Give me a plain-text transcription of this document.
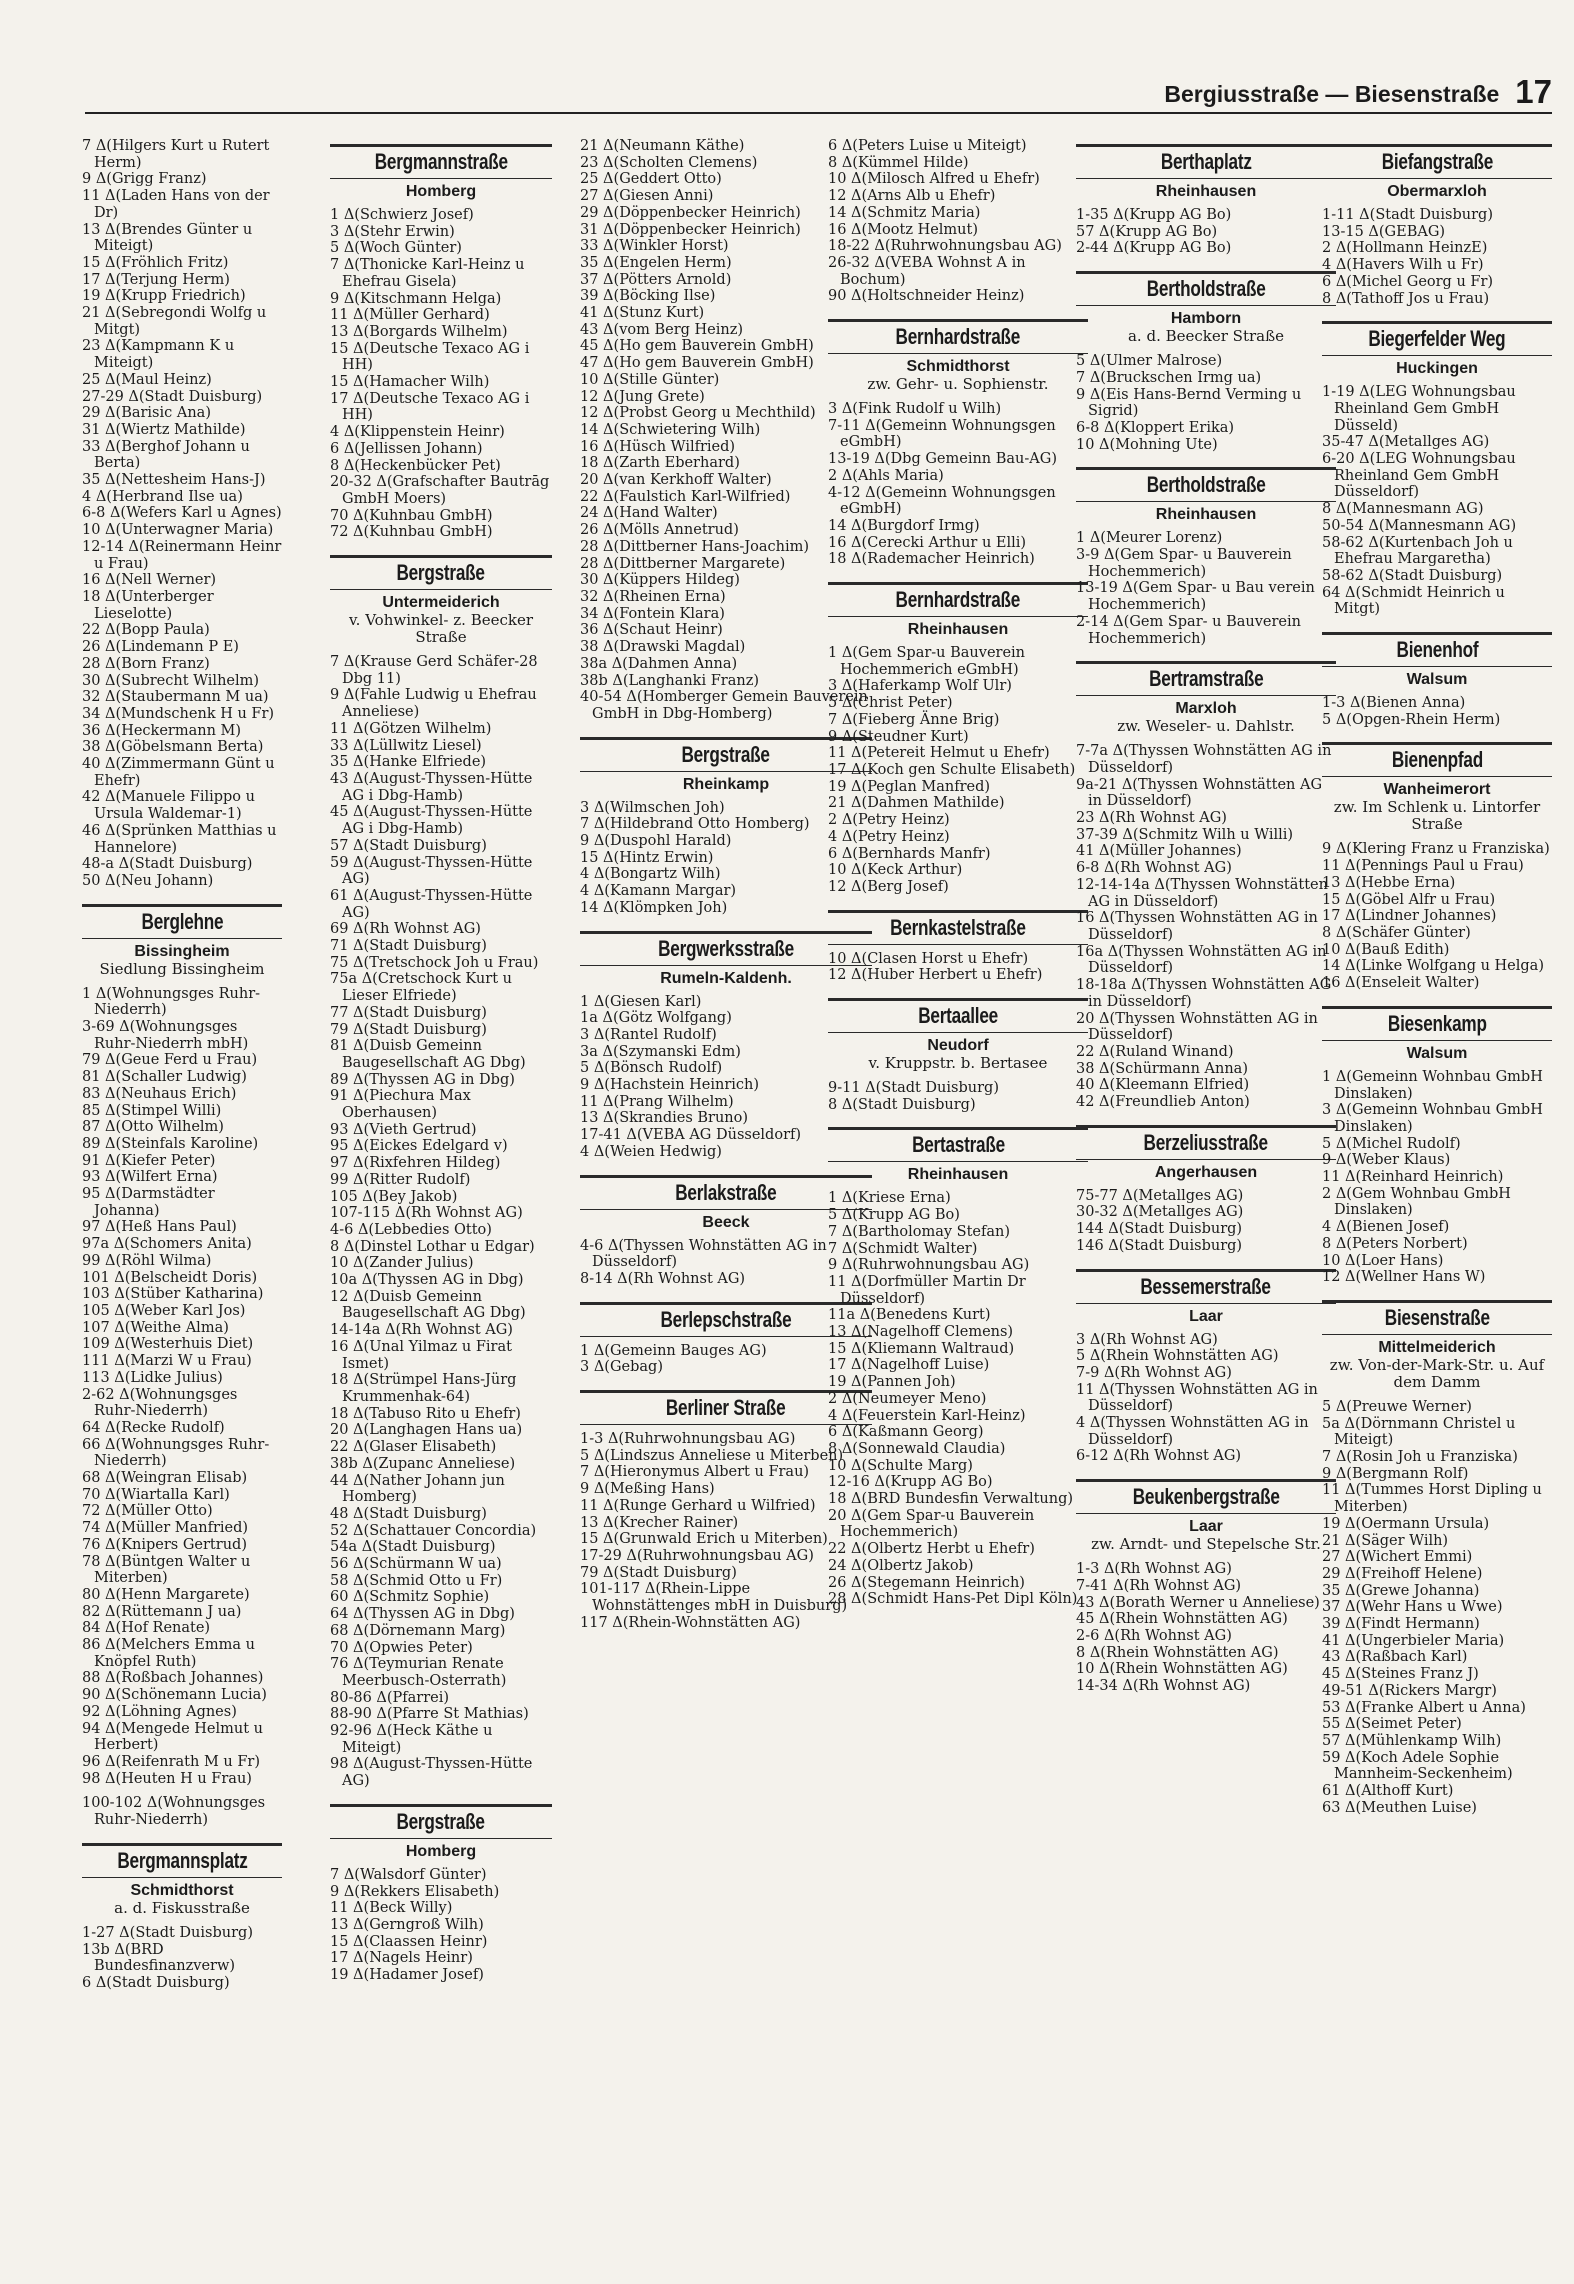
Bergiusstraße — Biesenstraße 17
7 Δ(Hilgers Kurt u Rutert Herm)
9 Δ(Grigg Franz)
11 Δ(Laden Hans von der Dr)
13 Δ(Brendes Günter u Miteigt)
15 Δ(Fröhlich Fritz)
17 Δ(Terjung Herm)
19 Δ(Krupp Friedrich)
21 Δ(Sebregondi Wolfg u Mitgt)
23 Δ(Kampmann K u Miteigt)
25 Δ(Maul Heinz)
27-29 Δ(Stadt Duisburg)
29 Δ(Barisic Ana)
31 Δ(Wiertz Mathilde)
33 Δ(Berghof Johann u Berta)
35 Δ(Nettesheim Hans-J)
4 Δ(Herbrand Ilse ua)
6-8 Δ(Wefers Karl u Agnes)
10 Δ(Unterwagner Maria)
12-14 Δ(Reinermann Heinr u Frau)
16 Δ(Nell Werner)
18 Δ(Unterberger Lieselotte)
22 Δ(Bopp Paula)
26 Δ(Lindemann P E)
28 Δ(Born Franz)
30 Δ(Subrecht Wilhelm)
32 Δ(Staubermann M ua)
34 Δ(Mundschenk H u Fr)
36 Δ(Heckermann M)
38 Δ(Göbelsmann Berta)
40 Δ(Zimmermann Günt u Ehefr)
42 Δ(Manuele Filippo u Ursula Waldemar-1)
46 Δ(Sprünken Matthias u Hannelore)
48-a Δ(Stadt Duisburg)
50 Δ(Neu Johann)
Berglehne
Bissingheim
Siedlung Bissingheim
1 Δ(Wohnungsges Ruhr-Niederrh)
3-69 Δ(Wohnungsges Ruhr-Niederrh mbH)
79 Δ(Geue Ferd u Frau)
81 Δ(Schaller Ludwig)
83 Δ(Neuhaus Erich)
85 Δ(Stimpel Willi)
87 Δ(Otto Wilhelm)
89 Δ(Steinfals Karoline)
91 Δ(Kiefer Peter)
93 Δ(Wilfert Erna)
95 Δ(Darmstädter Johanna)
97 Δ(Heß Hans Paul)
97a Δ(Schomers Anita)
99 Δ(Röhl Wilma)
101 Δ(Belscheidt Doris)
103 Δ(Stüber Katharina)
105 Δ(Weber Karl Jos)
107 Δ(Weithe Alma)
109 Δ(Westerhuis Diet)
111 Δ(Marzi W u Frau)
113 Δ(Lidke Julius)
2-62 Δ(Wohnungsges Ruhr-Niederrh)
64 Δ(Recke Rudolf)
66 Δ(Wohnungsges Ruhr-Niederrh)
68 Δ(Weingran Elisab)
70 Δ(Wiartalla Karl)
72 Δ(Müller Otto)
74 Δ(Müller Manfried)
76 Δ(Knipers Gertrud)
78 Δ(Büntgen Walter u Miterben)
80 Δ(Henn Margarete)
82 Δ(Rüttemann J ua)
84 Δ(Hof Renate)
86 Δ(Melchers Emma u Knöpfel Ruth)
88 Δ(Roßbach Johannes)
90 Δ(Schönemann Lucia)
92 Δ(Löhning Agnes)
94 Δ(Mengede Helmut u Herbert)
96 Δ(Reifenrath M u Fr)
98 Δ(Heuten H u Frau)
100-102 Δ(Wohnungsges Ruhr-Niederrh)
Bergmannsplatz
Schmidthorst
a. d. Fiskusstraße
1-27 Δ(Stadt Duisburg)
13b Δ(BRD Bundesfinanzverw)
6 Δ(Stadt Duisburg)
Bergmannstraße
Homberg
1 Δ(Schwierz Josef)
3 Δ(Stehr Erwin)
5 Δ(Woch Günter)
7 Δ(Thonicke Karl-Heinz u Ehefrau Gisela)
9 Δ(Kitschmann Helga)
11 Δ(Müller Gerhard)
13 Δ(Borgards Wilhelm)
15 Δ(Deutsche Texaco AG i HH)
15 Δ(Hamacher Wilh)
17 Δ(Deutsche Texaco AG i HH)
4 Δ(Klippenstein Heinr)
6 Δ(Jellissen Johann)
8 Δ(Heckenbücker Pet)
20-32 Δ(Grafschafter Bautrāg GmbH Moers)
70 Δ(Kuhnbau GmbH)
72 Δ(Kuhnbau GmbH)
Bergstraße
Untermeiderich
v. Vohwinkel- z. Beecker Straße
7 Δ(Krause Gerd Schäfer-28 Dbg 11)
9 Δ(Fahle Ludwig u Ehefrau Anneliese)
11 Δ(Götzen Wilhelm)
33 Δ(Lüllwitz Liesel)
35 Δ(Hanke Elfriede)
43 Δ(August-Thyssen-Hütte AG i Dbg-Hamb)
45 Δ(August-Thyssen-Hütte AG i Dbg-Hamb)
57 Δ(Stadt Duisburg)
59 Δ(August-Thyssen-Hütte AG)
61 Δ(August-Thyssen-Hütte AG)
69 Δ(Rh Wohnst AG)
71 Δ(Stadt Duisburg)
75 Δ(Tretschock Joh u Frau)
75a Δ(Cretschock Kurt u Lieser Elfriede)
77 Δ(Stadt Duisburg)
79 Δ(Stadt Duisburg)
81 Δ(Duisb Gemeinn Baugesellschaft AG Dbg)
89 Δ(Thyssen AG in Dbg)
91 Δ(Piechura Max Oberhausen)
93 Δ(Vieth Gertrud)
95 Δ(Eickes Edelgard v)
97 Δ(Rixfehren Hildeg)
99 Δ(Ritter Rudolf)
105 Δ(Bey Jakob)
107-115 Δ(Rh Wohnst AG)
4-6 Δ(Lebbedies Otto)
8 Δ(Dinstel Lothar u Edgar)
10 Δ(Zander Julius)
10a Δ(Thyssen AG in Dbg)
12 Δ(Duisb Gemeinn Baugesellschaft AG Dbg)
14-14a Δ(Rh Wohnst AG)
16 Δ(Unal Yilmaz u Firat Ismet)
18 Δ(Strümpel Hans-Jürg Krummenhak-64)
18 Δ(Tabuso Rito u Ehefr)
20 Δ(Langhagen Hans ua)
22 Δ(Glaser Elisabeth)
38b Δ(Zupanc Anneliese)
44 Δ(Nather Johann jun Homberg)
48 Δ(Stadt Duisburg)
52 Δ(Schattauer Concordia)
54a Δ(Stadt Duisburg)
56 Δ(Schürmann W ua)
58 Δ(Schmid Otto u Fr)
60 Δ(Schmitz Sophie)
64 Δ(Thyssen AG in Dbg)
68 Δ(Dörnemann Marg)
70 Δ(Opwies Peter)
76 Δ(Teymurian Renate Meerbusch-Osterrath)
80-86 Δ(Pfarrei)
88-90 Δ(Pfarre St Mathias)
92-96 Δ(Heck Käthe u Miteigt)
98 Δ(August-Thyssen-Hütte AG)
Bergstraße
Homberg
7 Δ(Walsdorf Günter)
9 Δ(Rekkers Elisabeth)
11 Δ(Beck Willy)
13 Δ(Gerngroß Wilh)
15 Δ(Claassen Heinr)
17 Δ(Nagels Heinr)
19 Δ(Hadamer Josef)
21 Δ(Neumann Käthe)
23 Δ(Scholten Clemens)
25 Δ(Geddert Otto)
27 Δ(Giesen Anni)
29 Δ(Döppenbecker Heinrich)
31 Δ(Döppenbecker Heinrich)
33 Δ(Winkler Horst)
35 Δ(Engelen Herm)
37 Δ(Pötters Arnold)
39 Δ(Böcking Ilse)
41 Δ(Stunz Kurt)
43 Δ(vom Berg Heinz)
45 Δ(Ho gem Bauverein GmbH)
47 Δ(Ho gem Bauverein GmbH)
10 Δ(Stille Günter)
12 Δ(Jung Grete)
12 Δ(Probst Georg u Mechthild)
14 Δ(Schwietering Wilh)
16 Δ(Hüsch Wilfried)
18 Δ(Zarth Eberhard)
20 Δ(van Kerkhoff Walter)
22 Δ(Faulstich Karl-Wilfried)
24 Δ(Hand Walter)
26 Δ(Mölls Annetrud)
28 Δ(Dittberner Hans-Joachim)
28 Δ(Dittberner Margarete)
30 Δ(Küppers Hildeg)
32 Δ(Rheinen Erna)
34 Δ(Fontein Klara)
36 Δ(Schaut Heinr)
38 Δ(Drawski Magdal)
38a Δ(Dahmen Anna)
38b Δ(Langhanki Franz)
40-54 Δ(Homberger Gemein Bauverein GmbH in Dbg-Homberg)
Bergstraße
Rheinkamp
3 Δ(Wilmschen Joh)
7 Δ(Hildebrand Otto Homberg)
9 Δ(Duspohl Harald)
15 Δ(Hintz Erwin)
4 Δ(Bongartz Wilh)
4 Δ(Kamann Margar)
14 Δ(Klömpken Joh)
Bergwerksstraße
Rumeln-Kaldenh.
1 Δ(Giesen Karl)
1a Δ(Götz Wolfgang)
3 Δ(Rantel Rudolf)
3a Δ(Szymanski Edm)
5 Δ(Bönsch Rudolf)
9 Δ(Hachstein Heinrich)
11 Δ(Prang Wilhelm)
13 Δ(Skrandies Bruno)
17-41 Δ(VEBA AG Düsseldorf)
4 Δ(Weien Hedwig)
Berlakstraße
Beeck
4-6 Δ(Thyssen Wohnstätten AG in Düsseldorf)
8-14 Δ(Rh Wohnst AG)
Berlepschstraße
1 Δ(Gemeinn Bauges AG)
3 Δ(Gebag)
Berliner Straße
1-3 Δ(Ruhrwohnungsbau AG)
5 Δ(Lindszus Anneliese u Miterben)
7 Δ(Hieronymus Albert u Frau)
9 Δ(Meßing Hans)
11 Δ(Runge Gerhard u Wilfried)
13 Δ(Krecher Rainer)
15 Δ(Grunwald Erich u Miterben)
17-29 Δ(Ruhrwohnungsbau AG)
79 Δ(Stadt Duisburg)
101-117 Δ(Rhein-Lippe Wohnstättenges mbH in Duisburg)
117 Δ(Rhein-Wohnstätten AG)
6 Δ(Peters Luise u Miteigt)
8 Δ(Kümmel Hilde)
10 Δ(Milosch Alfred u Ehefr)
12 Δ(Arns Alb u Ehefr)
14 Δ(Schmitz Maria)
16 Δ(Mootz Helmut)
18-22 Δ(Ruhrwohnungsbau AG)
26-32 Δ(VEBA Wohnst A in Bochum)
90 Δ(Holtschneider Heinz)
Bernhardstraße
Schmidthorst
zw. Gehr- u. Sophienstr.
3 Δ(Fink Rudolf u Wilh)
7-11 Δ(Gemeinn Wohnungsgen eGmbH)
13-19 Δ(Dbg Gemeinn Bau-AG)
2 Δ(Ahls Maria)
4-12 Δ(Gemeinn Wohnungsgen eGmbH)
14 Δ(Burgdorf Irmg)
16 Δ(Cerecki Arthur u Elli)
18 Δ(Rademacher Heinrich)
Bernhardstraße
Rheinhausen
1 Δ(Gem Spar-u Bauverein Hochemmerich eGmbH)
3 Δ(Haferkamp Wolf Ulr)
5 Δ(Christ Peter)
7 Δ(Fieberg Änne Brig)
9 Δ(Steudner Kurt)
11 Δ(Petereit Helmut u Ehefr)
17 Δ(Koch gen Schulte Elisabeth)
19 Δ(Peglan Manfred)
21 Δ(Dahmen Mathilde)
2 Δ(Petry Heinz)
4 Δ(Petry Heinz)
6 Δ(Bernhards Manfr)
10 Δ(Keck Arthur)
12 Δ(Berg Josef)
Bernkastelstraße
10 Δ(Clasen Horst u Ehefr)
12 Δ(Huber Herbert u Ehefr)
Bertaallee
Neudorf
v. Kruppstr. b. Bertasee
9-11 Δ(Stadt Duisburg)
8 Δ(Stadt Duisburg)
Bertastraße
Rheinhausen
1 Δ(Kriese Erna)
5 Δ(Krupp AG Bo)
7 Δ(Bartholomay Stefan)
7 Δ(Schmidt Walter)
9 Δ(Ruhrwohnungsbau AG)
11 Δ(Dorfmüller Martin Dr Düsseldorf)
11a Δ(Benedens Kurt)
13 Δ(Nagelhoff Clemens)
15 Δ(Kliemann Waltraud)
17 Δ(Nagelhoff Luise)
19 Δ(Pannen Joh)
2 Δ(Neumeyer Meno)
4 Δ(Feuerstein Karl-Heinz)
6 Δ(Kaßmann Georg)
8 Δ(Sonnewald Claudia)
10 Δ(Schulte Marg)
12-16 Δ(Krupp AG Bo)
18 Δ(BRD Bundesfin Verwaltung)
20 Δ(Gem Spar-u Bauverein Hochemmerich)
22 Δ(Olbertz Herbt u Ehefr)
24 Δ(Olbertz Jakob)
26 Δ(Stegemann Heinrich)
28 Δ(Schmidt Hans-Pet Dipl Köln)
Berthaplatz
Rheinhausen
1-35 Δ(Krupp AG Bo)
57 Δ(Krupp AG Bo)
2-44 Δ(Krupp AG Bo)
Bertholdstraße
Hamborn
a. d. Beecker Straße
5 Δ(Ulmer Malrose)
7 Δ(Bruckschen Irmg ua)
9 Δ(Eis Hans-Bernd Verming u Sigrid)
6-8 Δ(Kloppert Erika)
10 Δ(Mohning Ute)
Bertholdstraße
Rheinhausen
1 Δ(Meurer Lorenz)
3-9 Δ(Gem Spar- u Bauverein Hochemmerich)
13-19 Δ(Gem Spar- u Bau verein Hochemmerich)
2-14 Δ(Gem Spar- u Bauverein Hochemmerich)
Bertramstraße
Marxloh
zw. Weseler- u. Dahlstr.
7-7a Δ(Thyssen Wohnstätten AG in Düsseldorf)
9a-21 Δ(Thyssen Wohnstätten AG in Düsseldorf)
23 Δ(Rh Wohnst AG)
37-39 Δ(Schmitz Wilh u Willi)
41 Δ(Müller Johannes)
6-8 Δ(Rh Wohnst AG)
12-14-14a Δ(Thyssen Wohnstätten AG in Düsseldorf)
16 Δ(Thyssen Wohnstätten AG in Düsseldorf)
16a Δ(Thyssen Wohnstätten AG in Düsseldorf)
18-18a Δ(Thyssen Wohnstätten AG in Düsseldorf)
20 Δ(Thyssen Wohnstätten AG in Düsseldorf)
22 Δ(Ruland Winand)
38 Δ(Schürmann Anna)
40 Δ(Kleemann Elfried)
42 Δ(Freundlieb Anton)
Berzeliusstraße
Angerhausen
75-77 Δ(Metallges AG)
30-32 Δ(Metallges AG)
144 Δ(Stadt Duisburg)
146 Δ(Stadt Duisburg)
Bessemerstraße
Laar
3 Δ(Rh Wohnst AG)
5 Δ(Rhein Wohnstätten AG)
7-9 Δ(Rh Wohnst AG)
11 Δ(Thyssen Wohnstätten AG in Düsseldorf)
4 Δ(Thyssen Wohnstätten AG in Düsseldorf)
6-12 Δ(Rh Wohnst AG)
Beukenbergstraße
Laar
zw. Arndt- und Stepelsche Str.
1-3 Δ(Rh Wohnst AG)
7-41 Δ(Rh Wohnst AG)
43 Δ(Borath Werner u Anneliese)
45 Δ(Rhein Wohnstätten AG)
2-6 Δ(Rh Wohnst AG)
8 Δ(Rhein Wohnstätten AG)
10 Δ(Rhein Wohnstätten AG)
14-34 Δ(Rh Wohnst AG)
Biefangstraße
Obermarxloh
1-11 Δ(Stadt Duisburg)
13-15 Δ(GEBAG)
2 Δ(Hollmann HeinzE)
4 Δ(Havers Wilh u Fr)
6 Δ(Michel Georg u Fr)
8 Δ(Tathoff Jos u Frau)
Biegerfelder Weg
Huckingen
1-19 Δ(LEG Wohnungsbau Rheinland Gem GmbH Düsseld)
35-47 Δ(Metallges AG)
6-20 Δ(LEG Wohnungsbau Rheinland Gem GmbH Düsseldorf)
8 Δ(Mannesmann AG)
50-54 Δ(Mannesmann AG)
58-62 Δ(Kurtenbach Joh u Ehefrau Margaretha)
58-62 Δ(Stadt Duisburg)
64 Δ(Schmidt Heinrich u Mitgt)
Bienenhof
Walsum
1-3 Δ(Bienen Anna)
5 Δ(Opgen-Rhein Herm)
Bienenpfad
Wanheimerort
zw. Im Schlenk u. Lintorfer Straße
9 Δ(Klering Franz u Franziska)
11 Δ(Pennings Paul u Frau)
13 Δ(Hebbe Erna)
15 Δ(Göbel Alfr u Frau)
17 Δ(Lindner Johannes)
8 Δ(Schäfer Günter)
10 Δ(Bauß Edith)
14 Δ(Linke Wolfgang u Helga)
16 Δ(Enseleit Walter)
Biesenkamp
Walsum
1 Δ(Gemeinn Wohnbau GmbH Dinslaken)
3 Δ(Gemeinn Wohnbau GmbH Dinslaken)
5 Δ(Michel Rudolf)
9 Δ(Weber Klaus)
11 Δ(Reinhard Heinrich)
2 Δ(Gem Wohnbau GmbH Dinslaken)
4 Δ(Bienen Josef)
8 Δ(Peters Norbert)
10 Δ(Loer Hans)
12 Δ(Wellner Hans W)
Biesenstraße
Mittelmeiderich
zw. Von-der-Mark-Str. u. Auf dem Damm
5 Δ(Preuwe Werner)
5a Δ(Dörnmann Christel u Miteigt)
7 Δ(Rosin Joh u Franziska)
9 Δ(Bergmann Rolf)
11 Δ(Tummes Horst Dipling u Miterben)
19 Δ(Oermann Ursula)
21 Δ(Säger Wilh)
27 Δ(Wichert Emmi)
29 Δ(Freihoff Helene)
35 Δ(Grewe Johanna)
37 Δ(Wehr Hans u Wwe)
39 Δ(Findt Hermann)
41 Δ(Ungerbieler Maria)
43 Δ(Raßbach Karl)
45 Δ(Steines Franz J)
49-51 Δ(Rickers Margr)
53 Δ(Franke Albert u Anna)
55 Δ(Seimet Peter)
57 Δ(Mühlenkamp Wilh)
59 Δ(Koch Adele Sophie Mannheim-Seckenheim)
61 Δ(Althoff Kurt)
63 Δ(Meuthen Luise)
